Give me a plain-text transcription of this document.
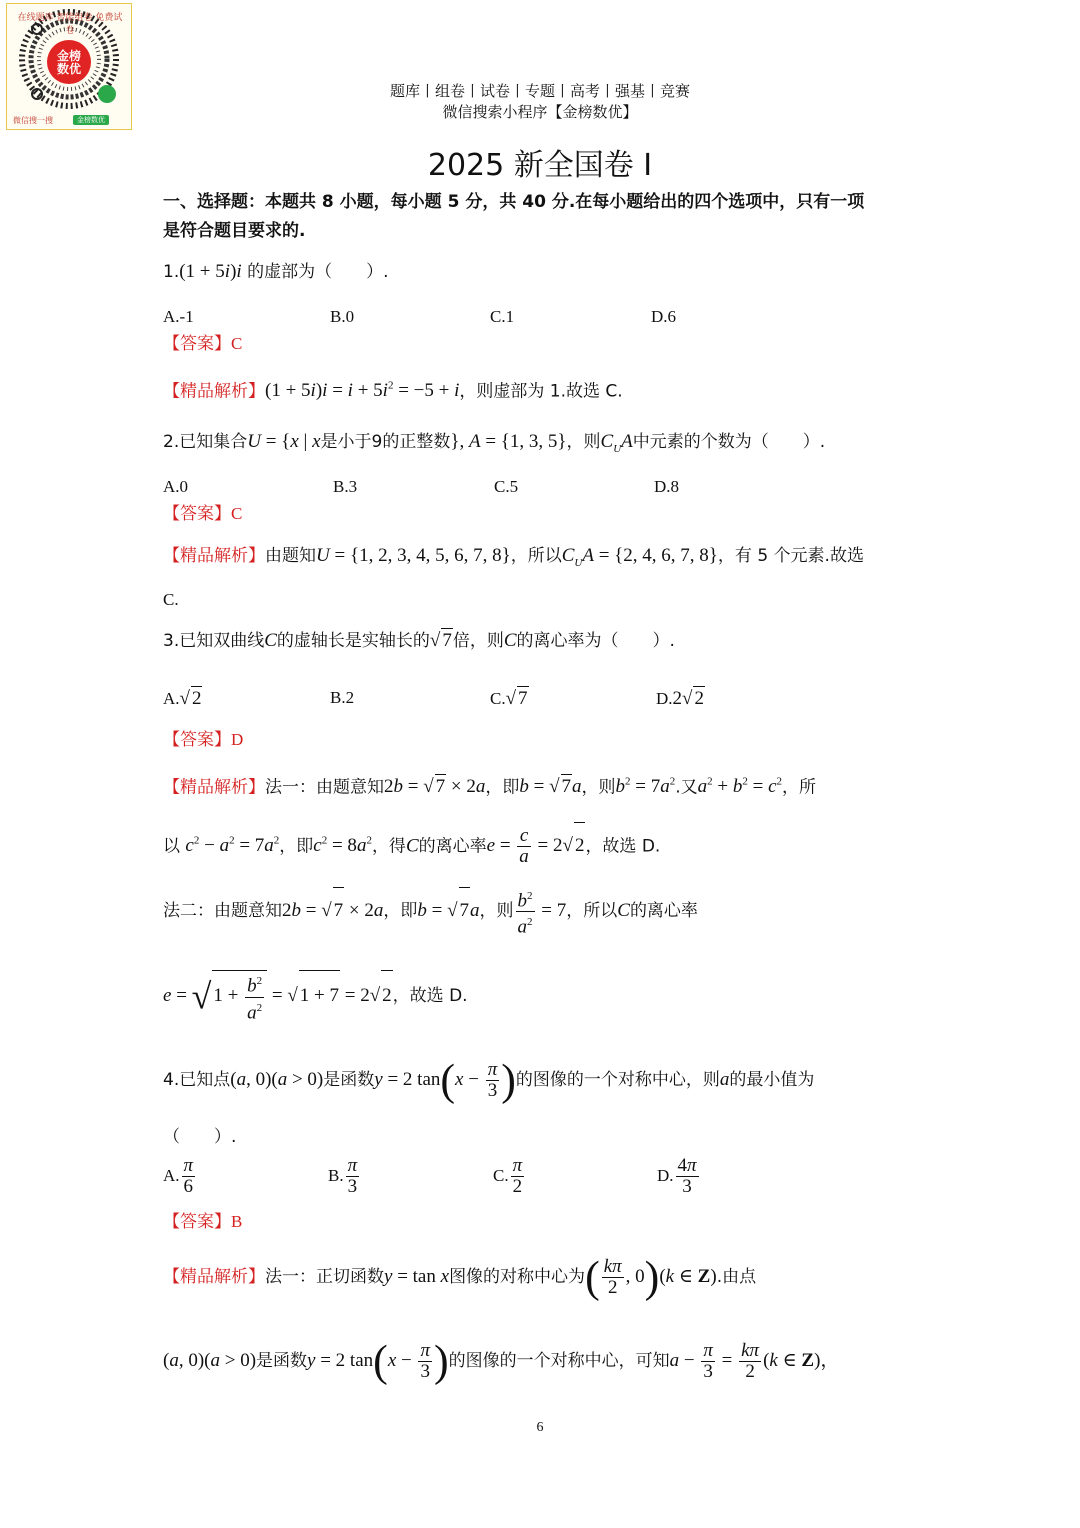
在线题库 智能组卷 免费试卷
金榜数优
微信搜一搜	金榜数优
题库丨组卷丨试卷丨专题丨高考丨强基丨竞赛
微信搜索小程序【金榜数优】
2025 新全国卷 I
一、选择题：本题共 8 小题，每小题 5 分，共 40 分.在每小题给出的四个选项中，只有一项
是符合题目要求的.
1.(1 + 5i)i 的虚部为（　　）.
A.-1	B.0	C.1	D.6
【答案】C
【精品解析】$(1 + 5i)i = i + 5i^2 = -5 + i$，则虚部为 1.故选 C.
2.已知集合U = {x | x是小于9的正整数}, A = {1, 3, 5}，则$C_UA$中元素的个数为（　　）.
A.0	B.3	C.5	D.8
【答案】C
【精品解析】由题知U = {1, 2, 3, 4, 5, 6, 7, 8}，所以$C_UA = \{2$, 4, 6, 7, 8}，有 5 个元素.故选
C.
3.已知双曲线C的虚轴长是实轴长的√ 7倍，则C的离心率为（　　）.
A.√ 2	B.2	C.√ 7	D.2√ 2
【答案】D
【精品解析】法一：由题意知2b = √ 7 × 2a，即b = √ 7a，则$b^2 = 7a^2$.又$a^2 + b^2 = c^2$，所
以 $c^2 - a^2 = 7a^2$，即$c^2 = 8a^2$，得C的离心率$e = \frac{c}{a} = 2√$ 2，故选 D.
法二：由题意知2b = √ 7 × 2a，即b = √ 7a，则 $\frac{b^2}{a^2} = 7$，所以C的离心率
e = √ $1 + \frac{b^2}{a^2}$ = √ 1 + 7 = 2√ 2，故选 D.
4.已知点(a, 0)(a > 0)是函数y = 2 $\tan(x - \frac{\pi}{3}$ )的图像的一个对称中心，则a的最小值为
（　　）.
A. $\frac{\pi}{6}$	B. $\frac{\pi}{3}$	C. $\frac{\pi}{2}$	D. $\frac{4\pi}{3}$
【答案】B
【精品解析】法一：正切函数y = tan x图像的对称中心为( $\frac{k\pi}{2}$ , 0)(k ∈ Z).由点
(a, 0)(a > 0)是函数y = 2 $\tan(x - \frac{\pi}{3}$ )的图像的一个对称中心，可知$a - \frac{\pi}{3} = \frac{k\pi}{2} (k$ ∈ Z)，
6
